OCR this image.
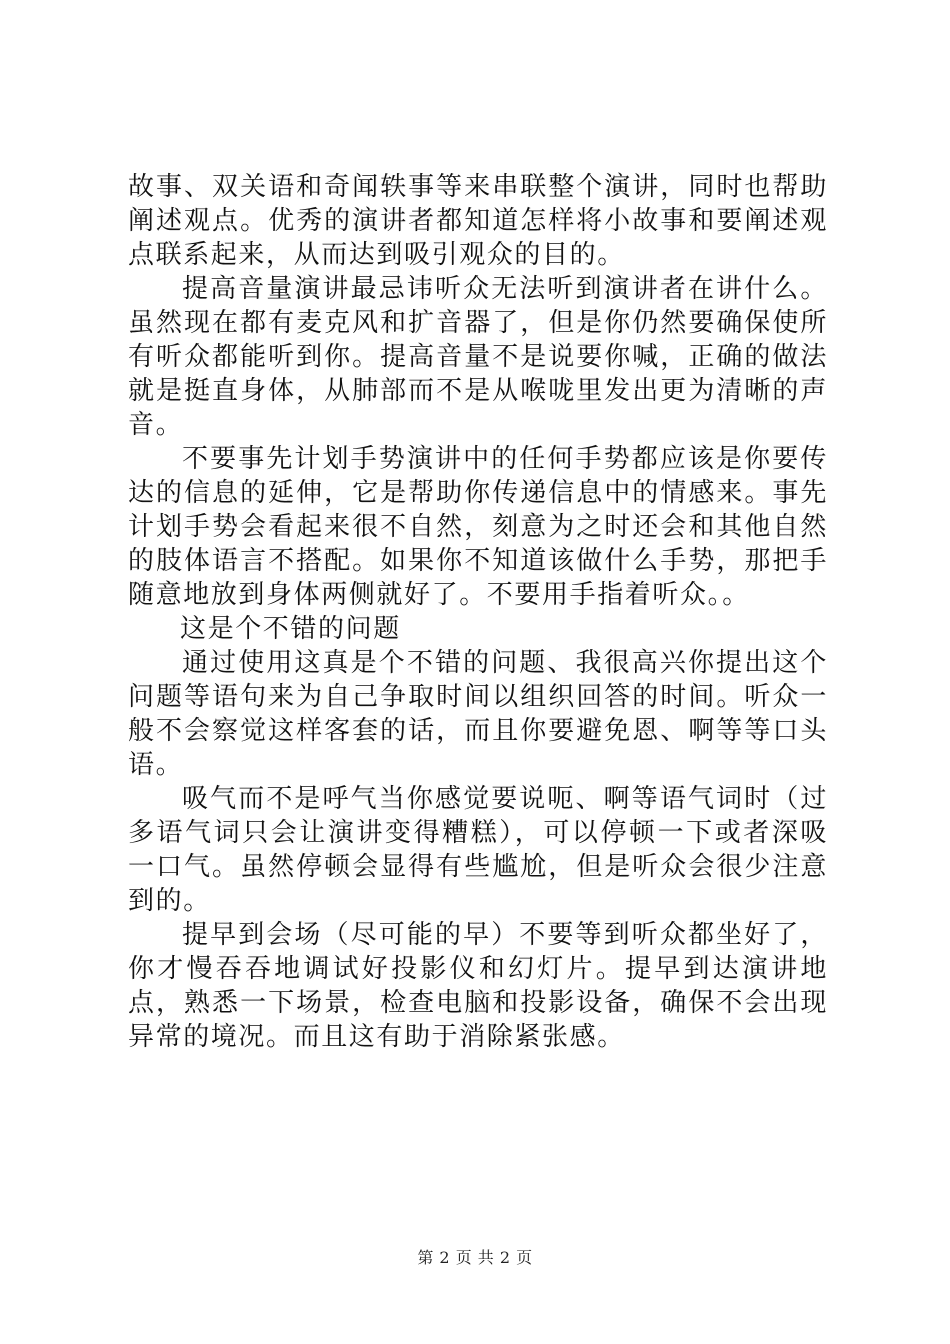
故事、双关语和奇闻轶事等来串联整个演讲，同时也帮助阐述观点。优秀的演讲者都知道怎样将小故事和要阐述观点联系起来，从而达到吸引观众的目的。

提高音量演讲最忌讳听众无法听到演讲者在讲什么。虽然现在都有麦克风和扩音器了，但是你仍然要确保使所有听众都能听到你。提高音量不是说要你喊，正确的做法就是挺直身体，从肺部而不是从喉咙里发出更为清晰的声音。

不要事先计划手势演讲中的任何手势都应该是你要传达的信息的延伸，它是帮助你传递信息中的情感来。事先计划手势会看起来很不自然，刻意为之时还会和其他自然的肢体语言不搭配。如果你不知道该做什么手势，那把手随意地放到身体两侧就好了。不要用手指着听众。。

这是个不错的问题

通过使用这真是个不错的问题、我很高兴你提出这个问题等语句来为自己争取时间以组织回答的时间。听众一般不会察觉这样客套的话，而且你要避免恩、啊等等口头语。

吸气而不是呼气当你感觉要说呃、啊等语气词时（过多语气词只会让演讲变得糟糕），可以停顿一下或者深吸一口气。虽然停顿会显得有些尴尬，但是听众会很少注意到的。

提早到会场（尽可能的早）不要等到听众都坐好了，你才慢吞吞地调试好投影仪和幻灯片。提早到达演讲地点，熟悉一下场景，检查电脑和投影设备，确保不会出现异常的境况。而且这有助于消除紧张感。

第 2 页 共 2 页
